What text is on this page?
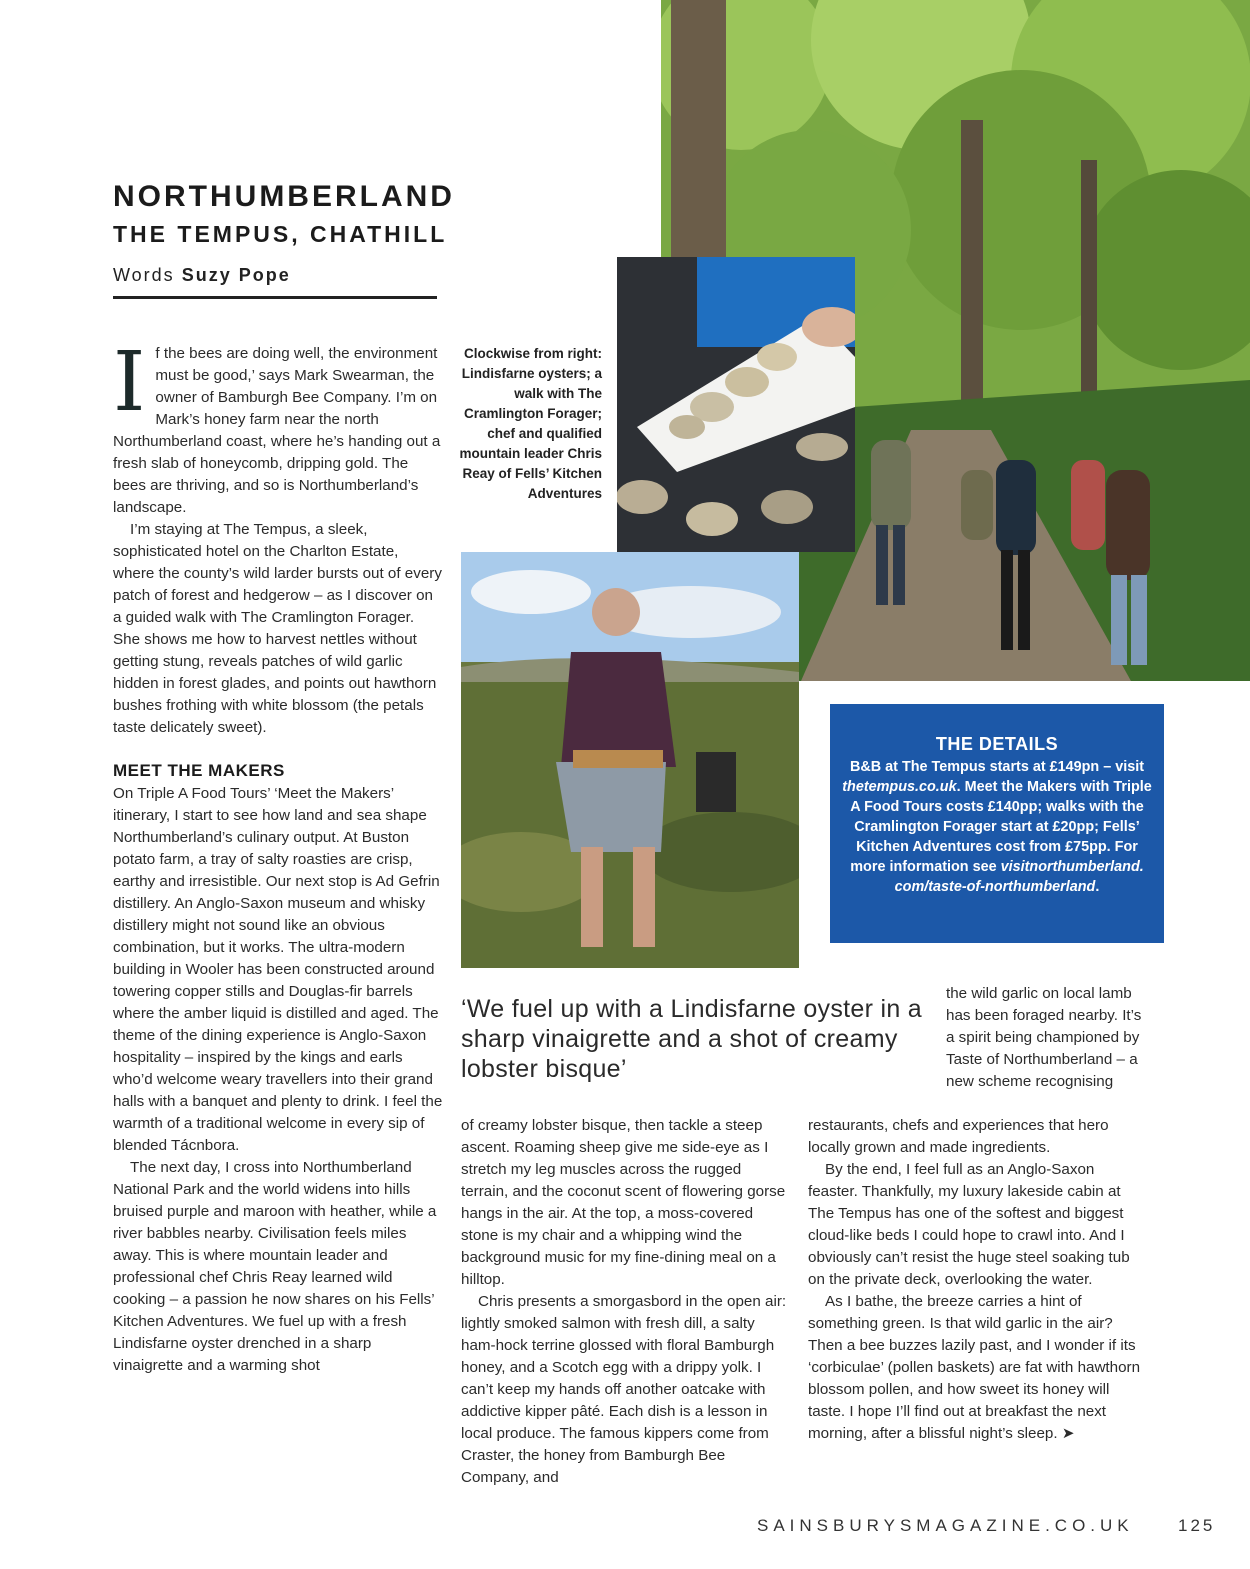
NORTHUMBERLAND
THE TEMPUS, CHATHILL
Words Suzy Pope
I f the bees are doing well, the environment must be good,’ says Mark Swearman, the owner of Bamburgh Bee Company. I’m on Mark’s honey farm near the north Northumberland coast, where he’s handing out a fresh slab of honeycomb, dripping gold. The bees are thriving, and so is Northumberland’s landscape.

I’m staying at The Tempus, a sleek, sophisticated hotel on the Charlton Estate, where the county’s wild larder bursts out of every patch of forest and hedgerow – as I discover on a guided walk with The Cramlington Forager. She shows me how to harvest nettles without getting stung, reveals patches of wild garlic hidden in forest glades, and points out hawthorn bushes frothing with white blossom (the petals taste delicately sweet).

MEET THE MAKERS

On Triple A Food Tours’ ‘Meet the Makers’ itinerary, I start to see how land and sea shape Northumberland’s culinary output. At Buston potato farm, a tray of salty roasties are crisp, earthy and irresistible. Our next stop is Ad Gefrin distillery. An Anglo-Saxon museum and whisky distillery might not sound like an obvious combination, but it works. The ultra-modern building in Wooler has been constructed around towering copper stills and Douglas-fir barrels where the amber liquid is distilled and aged. The theme of the dining experience is Anglo-Saxon hospitality – inspired by the kings and earls who’d welcome weary travellers into their grand halls with a banquet and plenty to drink. I feel the warmth of a traditional welcome in every sip of blended Tácnbora.

The next day, I cross into Northumberland National Park and the world widens into hills bruised purple and maroon with heather, while a river babbles nearby. Civilisation feels miles away. This is where mountain leader and professional chef Chris Reay learned wild cooking – a passion he now shares on his Fells’ Kitchen Adventures. We fuel up with a fresh Lindisfarne oyster drenched in a sharp vinaigrette and a warming shot

Clockwise from right: Lindisfarne oysters; a walk with The Cramlington Forager; chef and qualified mountain leader Chris Reay of Fells’ Kitchen Adventures
THE DETAILS
B&B at The Tempus starts at £149pn – visit thetempus.co.uk. Meet the Makers with Triple A Food Tours costs £140pp; walks with the Cramlington Forager start at £20pp; Fells’ Kitchen Adventures cost from £75pp. For more information see visitnorthumberland. com/taste-of-northumberland.
‘We fuel up with a Lindisfarne oyster in a sharp vinaigrette and a shot of creamy lobster bisque’

of creamy lobster bisque, then tackle a steep ascent. Roaming sheep give me side-eye as I stretch my leg muscles across the rugged terrain, and the coconut scent of flowering gorse hangs in the air. At the top, a moss-covered stone is my chair and a whipping wind the background music for my fine-dining meal on a hilltop.

Chris presents a smorgasbord in the open air: lightly smoked salmon with fresh dill, a salty ham-hock terrine glossed with floral Bamburgh honey, and a Scotch egg with a drippy yolk. I can’t keep my hands off another oatcake with addictive kipper pâté. Each dish is a lesson in local produce. The famous kippers come from Craster, the honey from Bamburgh Bee Company, and

the wild garlic on local lamb has been foraged nearby. It’s a spirit being championed by Taste of Northumberland – a new scheme recognising

restaurants, chefs and experiences that hero locally grown and made ingredients.

By the end, I feel full as an Anglo-Saxon feaster. Thankfully, my luxury lakeside cabin at The Tempus has one of the softest and biggest cloud-like beds I could hope to crawl into. And I obviously can’t resist the huge steel soaking tub on the private deck, overlooking the water.

As I bathe, the breeze carries a hint of something green. Is that wild garlic in the air? Then a bee buzzes lazily past, and I wonder if its ‘corbiculae’ (pollen baskets) are fat with hawthorn blossom pollen, and how sweet its honey will taste. I hope I’ll find out at breakfast the next morning, after a blissful night’s sleep. ➤

SAINSBURYSMAGAZINE.CO.UK	125
